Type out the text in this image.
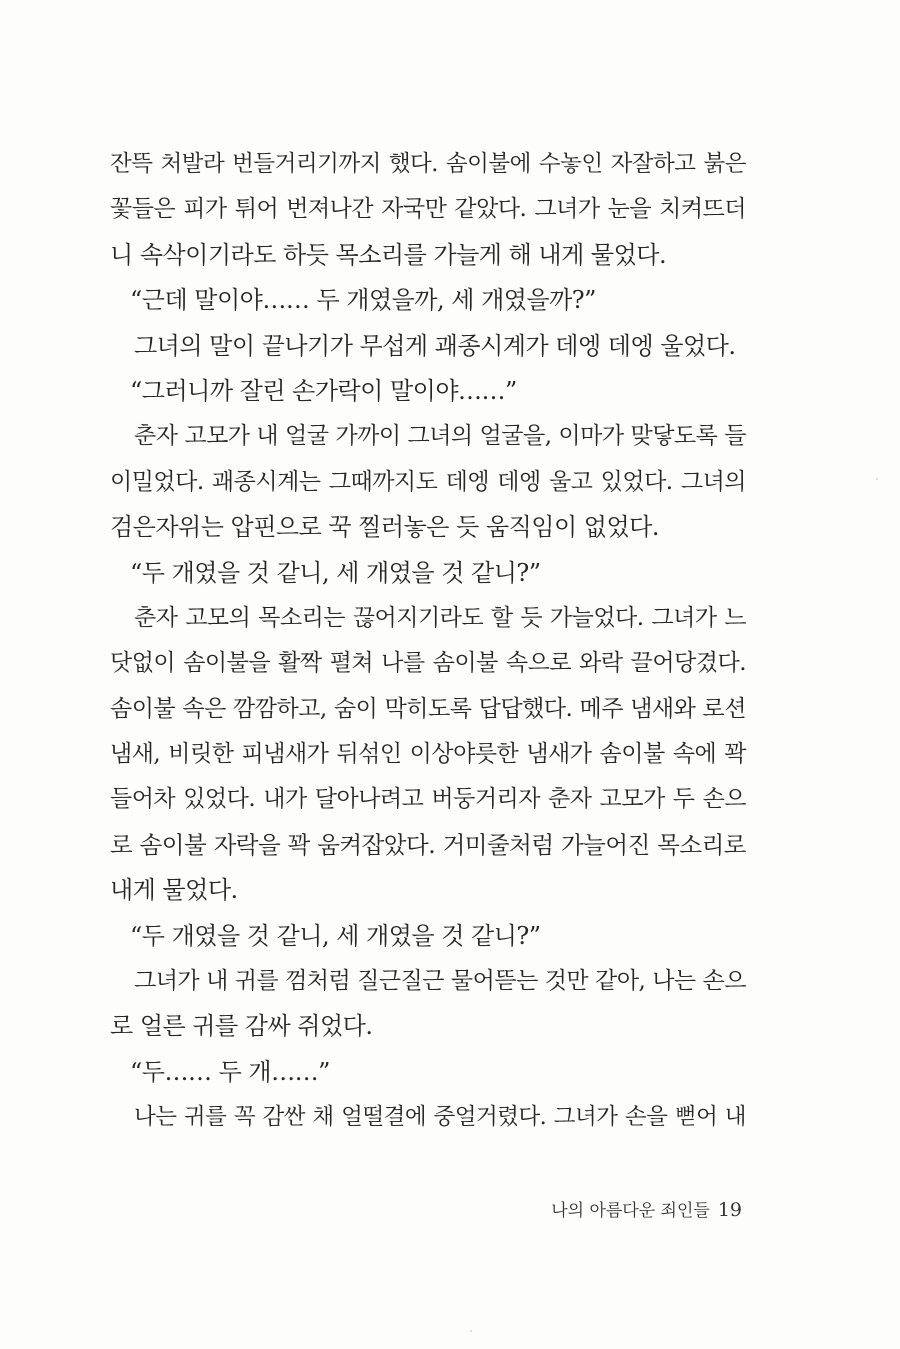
잔뜩 처발라 번들거리기까지 했다. 솜이불에 수놓인 자잘하고 붉은
꽃들은 피가 튀어 번져나간 자국만 같았다. 그녀가 눈을 치켜뜨더
니 속삭이기라도 하듯 목소리를 가늘게 해 내게 물었다.
“근데 말이야…… 두 개였을까, 세 개였을까?”
그녀의 말이 끝나기가 무섭게 괘종시계가 데엥 데엥 울었다.
“그러니까 잘린 손가락이 말이야……”
춘자 고모가 내 얼굴 가까이 그녀의 얼굴을, 이마가 맞닿도록 들
이밀었다. 괘종시계는 그때까지도 데엥 데엥 울고 있었다. 그녀의
검은자위는 압핀으로 꾹 찔러놓은 듯 움직임이 없었다.
“두 개였을 것 같니, 세 개였을 것 같니?”
춘자 고모의 목소리는 끊어지기라도 할 듯 가늘었다. 그녀가 느
닷없이 솜이불을 활짝 펼쳐 나를 솜이불 속으로 와락 끌어당겼다.
솜이불 속은 깜깜하고, 숨이 막히도록 답답했다. 메주 냄새와 로션
냄새, 비릿한 피냄새가 뒤섞인 이상야릇한 냄새가 솜이불 속에 꽉
들어차 있었다. 내가 달아나려고 버둥거리자 춘자 고모가 두 손으
로 솜이불 자락을 꽉 움켜잡았다. 거미줄처럼 가늘어진 목소리로
내게 물었다.
“두 개였을 것 같니, 세 개였을 것 같니?”
그녀가 내 귀를 껌처럼 질근질근 물어뜯는 것만 같아, 나는 손으
로 얼른 귀를 감싸 쥐었다.
“두…… 두 개……”
나는 귀를 꼭 감싼 채 얼떨결에 중얼거렸다. 그녀가 손을 뻗어 내
나의 아름다운 죄인들 19
